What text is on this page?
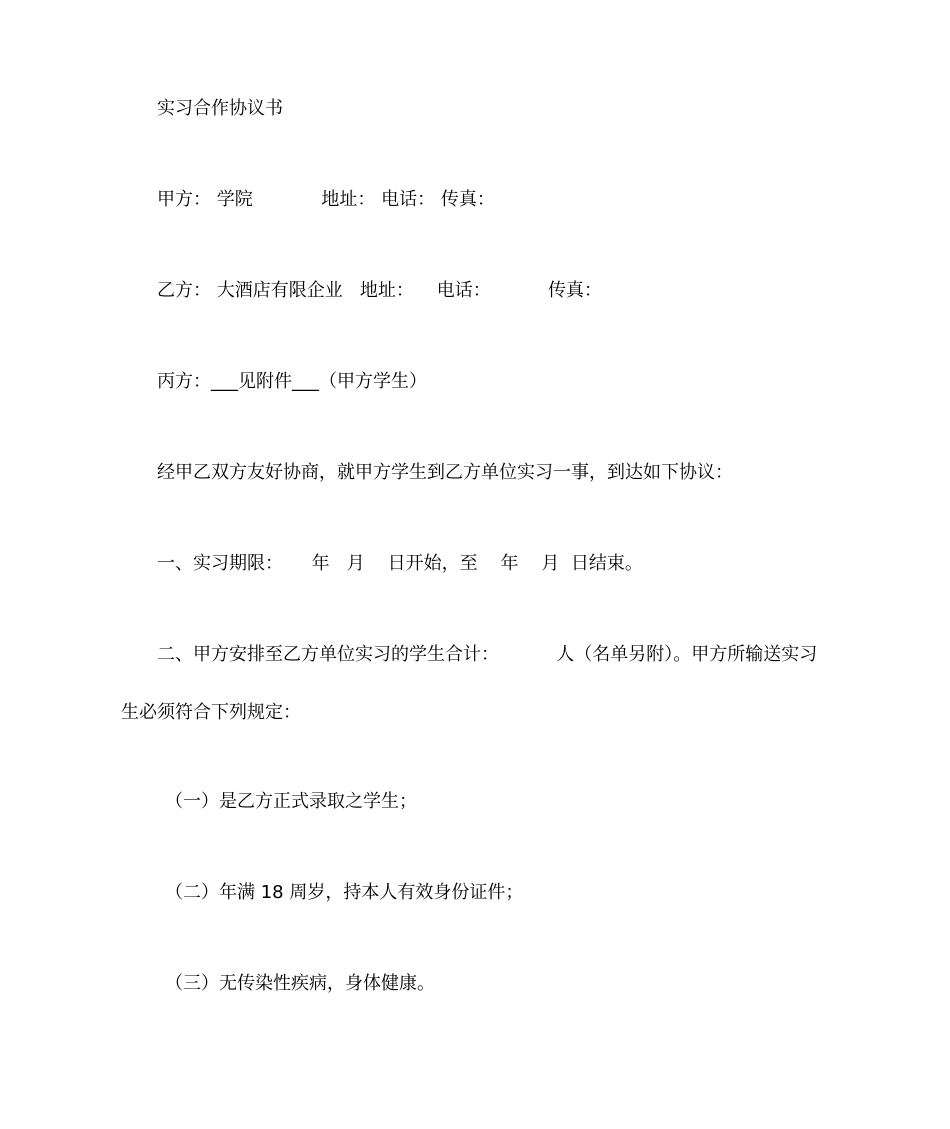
实习合作协议书
甲方： 学院            地址： 电话： 传真：
乙方： 大酒店有限企业   地址：    电话：          传真：
丙方：___见附件___（甲方学生）
经甲乙双方友好协商，就甲方学生到乙方单位实习一事，到达如下协议：
一、实习期限：     年   月    日开始，至    年    月  日结束。
二、甲方安排至乙方单位实习的学生合计：          人（名单另附）。甲方所输送实习
生必须符合下列规定：
（一）是乙方正式录取之学生；
（二）年满 18 周岁，持本人有效身份证件；
（三）无传染性疾病，身体健康。
